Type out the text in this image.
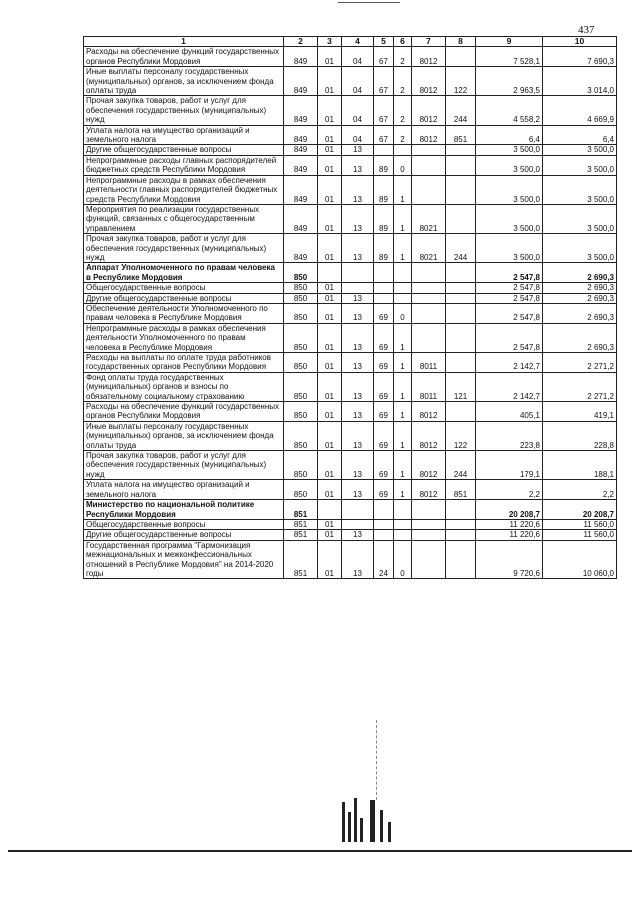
437
1	2	3	4	5	6	7	8	9	10
Расходы на обеспечение функций государственных органов Республики Мордовия	849	01	04	67	2	8012		7 528,1	7 690,3
Иные выплаты персоналу государственных (муниципальных) органов, за исключением фонда оплаты труда	849	01	04	67	2	8012	122	2 963,5	3 014,0
Прочая закупка товаров, работ и услуг для обеспечения государственных (муниципальных) нужд	849	01	04	67	2	8012	244	4 558,2	4 669,9
Уплата налога на имущество организаций и земельного налога	849	01	04	67	2	8012	851	6,4	6,4
Другие общегосударственные вопросы	849	01	13					3 500,0	3 500,0
Непрограммные расходы главных распорядителей бюджетных средств Республики Мордовия	849	01	13	89	0			3 500,0	3 500,0
Непрограммные расходы в рамках обеспечения деятельности главных распорядителей бюджетных средств Республики Мордовия	849	01	13	89	1			3 500,0	3 500,0
Мероприятия по реализации государственных функций, связанных с общегосударственным управлением	849	01	13	89	1	8021		3 500,0	3 500,0
Прочая закупка товаров, работ и услуг для обеспечения государственных (муниципальных) нужд	849	01	13	89	1	8021	244	3 500,0	3 500,0
Аппарат Уполномоченного по правам человека в Республике Мордовия	850							2 547,8	2 690,3
Общегосударственные вопросы	850	01						2 547,8	2 690,3
Другие общегосударственные вопросы	850	01	13					2 547,8	2 690,3
Обеспечение деятельности Уполномоченного по правам человека в Республике Мордовия	850	01	13	69	0			2 547,8	2 690,3
Непрограммные расходы в рамках обеспечения деятельности Уполномоченного по правам человека в Республике Мордовия	850	01	13	69	1			2 547,8	2 690,3
Расходы на выплаты по оплате труда работников государственных органов Республики Мордовия	850	01	13	69	1	8011		2 142,7	2 271,2
Фонд оплаты труда государственных (муниципальных) органов и взносы по обязательному социальному страхованию	850	01	13	69	1	8011	121	2 142,7	2 271,2
Расходы на обеспечение функций государственных органов Республики Мордовия	850	01	13	69	1	8012		405,1	419,1
Иные выплаты персоналу государственных (муниципальных) органов, за исключением фонда оплаты труда	850	01	13	69	1	8012	122	223,8	228,8
Прочая закупка товаров, работ и услуг для обеспечения государственных (муниципальных) нужд	850	01	13	69	1	8012	244	179,1	188,1
Уплата налога на имущество организаций и земельного налога	850	01	13	69	1	8012	851	2,2	2,2
Министерство по национальной политике Республики Мордовия	851							20 208,7	20 208,7
Общегосударственные вопросы	851	01						11 220,6	11 560,0
Другие общегосударственные вопросы	851	01	13					11 220,6	11 560,0
Государственная программа "Гармонизация межнациональных и межконфессиональных отношений в Республике Мордовия" на 2014-2020 годы	851	01	13	24	0			9 720,6	10 060,0
